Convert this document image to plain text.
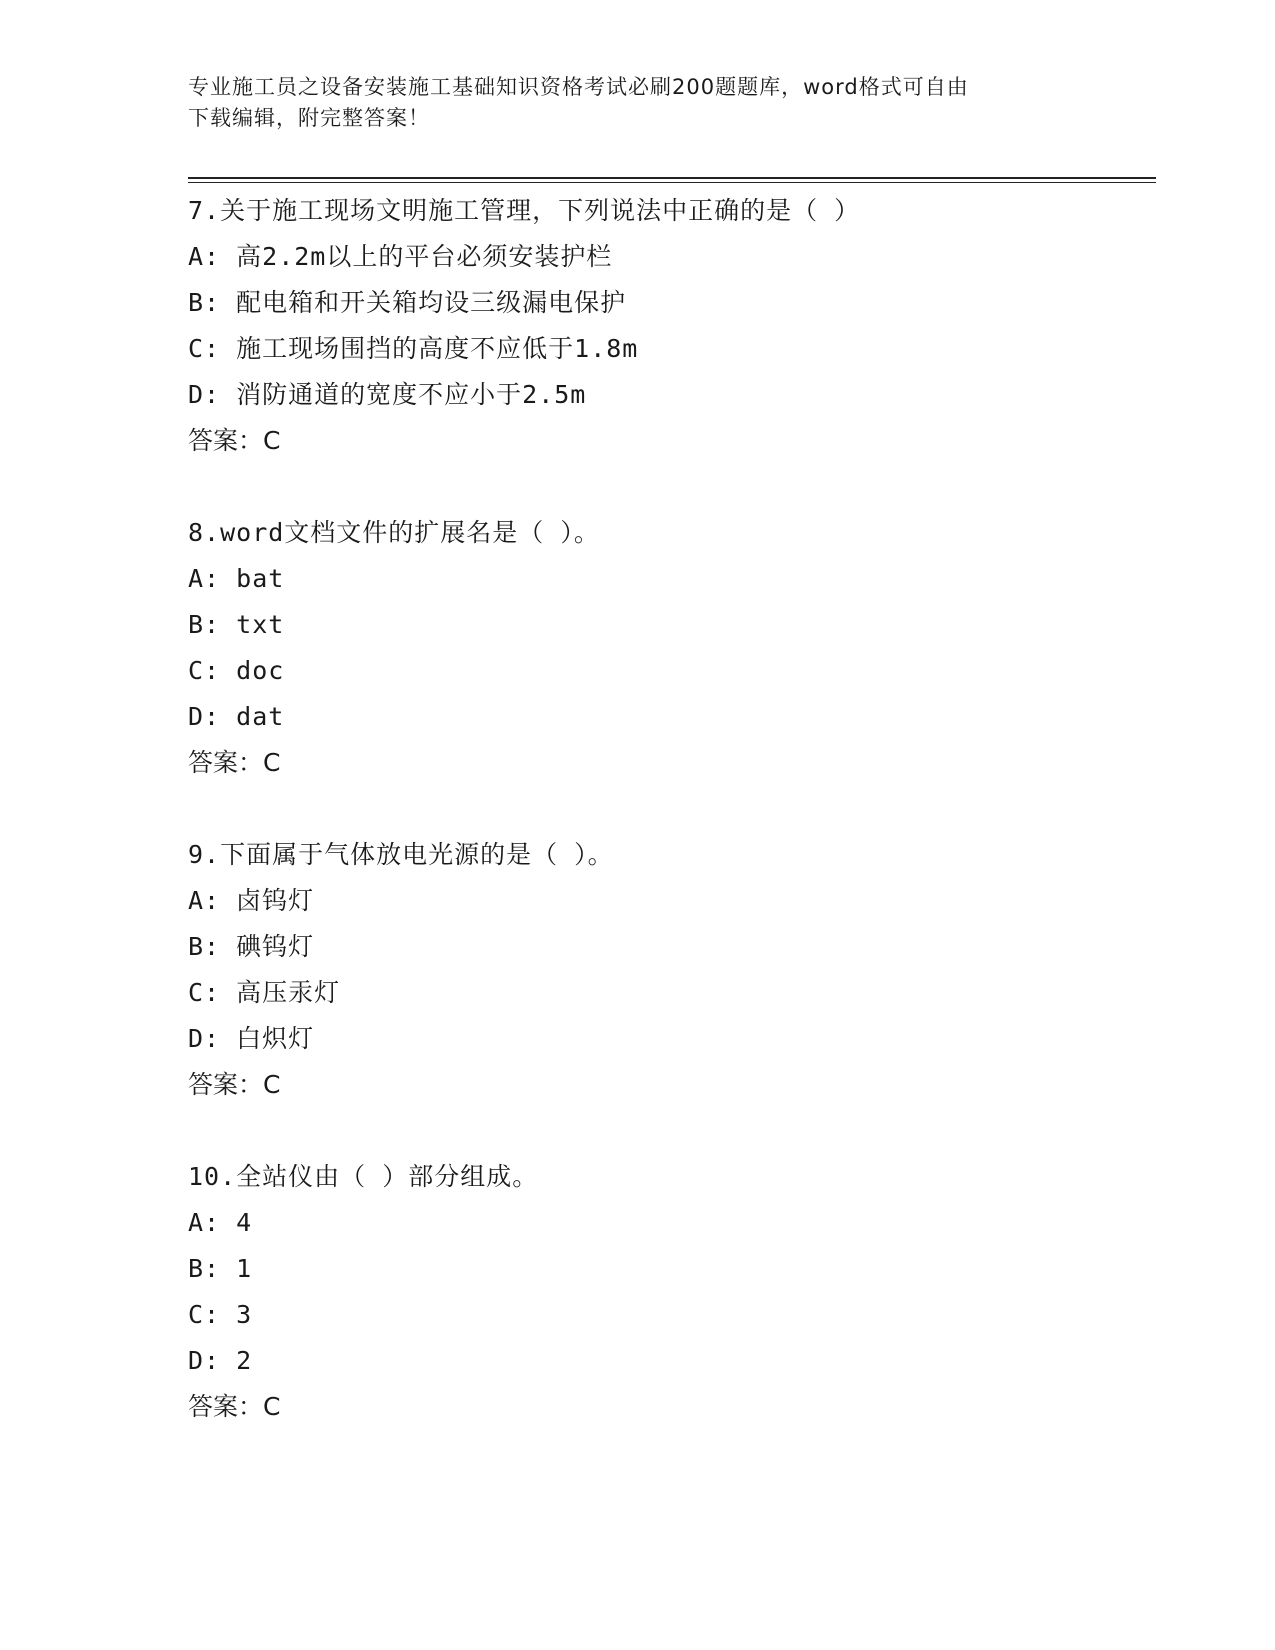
专业施工员之设备安装施工基础知识资格考试必刷200题题库，word格式可自由
下载编辑，附完整答案！
7.关于施工现场文明施工管理，下列说法中正确的是（ ）
A: 高2.2m以上的平台必须安装护栏
B: 配电箱和开关箱均设三级漏电保护
C: 施工现场围挡的高度不应低于1.8m
D: 消防通道的宽度不应小于2.5m
答案：C
8.word文档文件的扩展名是（ ）。
A: bat
B: txt
C: doc
D: dat
答案：C
9.下面属于气体放电光源的是（ ）。
A: 卤钨灯
B: 碘钨灯
C: 高压汞灯
D: 白炽灯
答案：C
10.全站仪由（ ）部分组成。
A: 4
B: 1
C: 3
D: 2
答案：C
